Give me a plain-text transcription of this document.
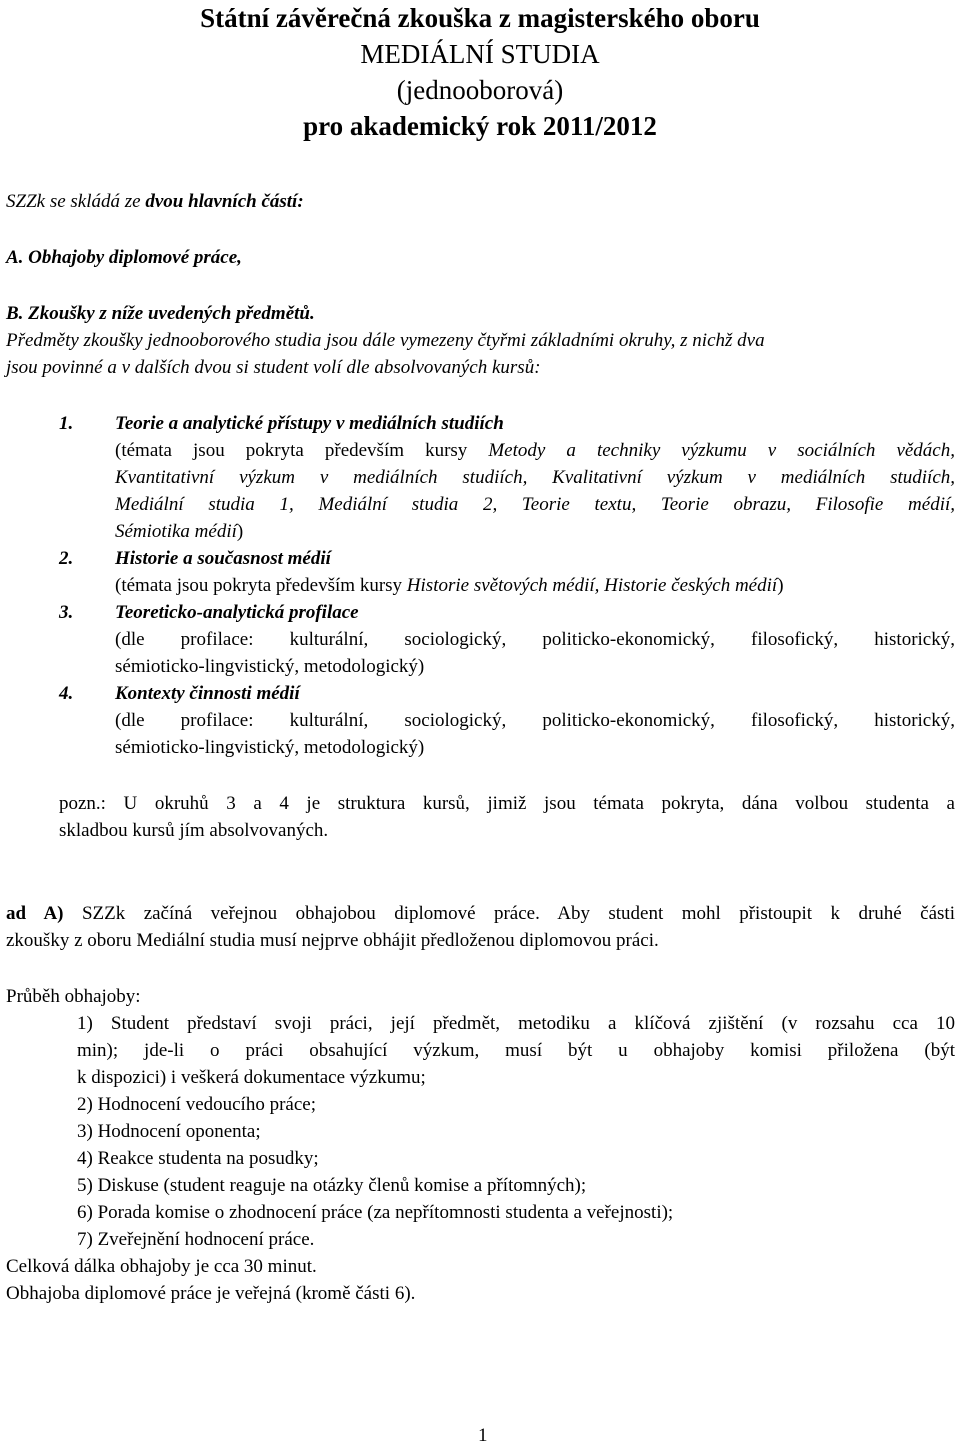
Státní závěrečná zkouška z magisterského oboru
MEDIÁLNÍ STUDIA
(jednooborová)
pro akademický rok 2011/2012
SZZk se skládá ze dvou hlavních částí:
A. Obhajoby diplomové práce,
B. Zkoušky z níže uvedených předmětů.
Předměty zkoušky jednooborového studia jsou dále vymezeny čtyřmi základními okruhy, z nichž dva
jsou povinné a v dalších dvou si student volí dle absolvovaných kursů:
1. Teorie a analytické přístupy v mediálních studiích
(témata jsou pokryta především kursy Metody a techniky výzkumu v sociálních vědách,
Kvantitativní výzkum v mediálních studiích, Kvalitativní výzkum v mediálních studiích,
Mediální studia 1, Mediální studia 2, Teorie textu, Teorie obrazu, Filosofie médií,
Sémiotika médií)
2. Historie a současnost médií
(témata jsou pokryta především kursy Historie světových médií, Historie českých médií)
3. Teoreticko-analytická profilace
(dle profilace: kulturální, sociologický, politicko-ekonomický, filosofický, historický,
sémioticko-lingvistický, metodologický)
4. Kontexty činnosti médií
(dle profilace: kulturální, sociologický, politicko-ekonomický, filosofický, historický,
sémioticko-lingvistický, metodologický)
pozn.: U okruhů 3 a 4 je struktura kursů, jimiž jsou témata pokryta, dána volbou studenta a
skladbou kursů jím absolvovaných.
ad A) SZZk začíná veřejnou obhajobou diplomové práce. Aby student mohl přistoupit k druhé části
zkoušky z oboru Mediální studia musí nejprve obhájit předloženou diplomovou práci.
Průběh obhajoby:
1) Student představí svoji práci, její předmět, metodiku a klíčová zjištění (v rozsahu cca 10
min); jde-li o práci obsahující výzkum, musí být u obhajoby komisi přiložena (být
k dispozici) i veškerá dokumentace výzkumu;
2) Hodnocení vedoucího práce;
3) Hodnocení oponenta;
4) Reakce studenta na posudky;
5) Diskuse (student reaguje na otázky členů komise a přítomných);
6) Porada komise o zhodnocení práce (za nepřítomnosti studenta a veřejnosti);
7) Zveřejnění hodnocení práce.
Celková dálka obhajoby je cca 30 minut.
Obhajoba diplomové práce je veřejná (kromě části 6).
1
